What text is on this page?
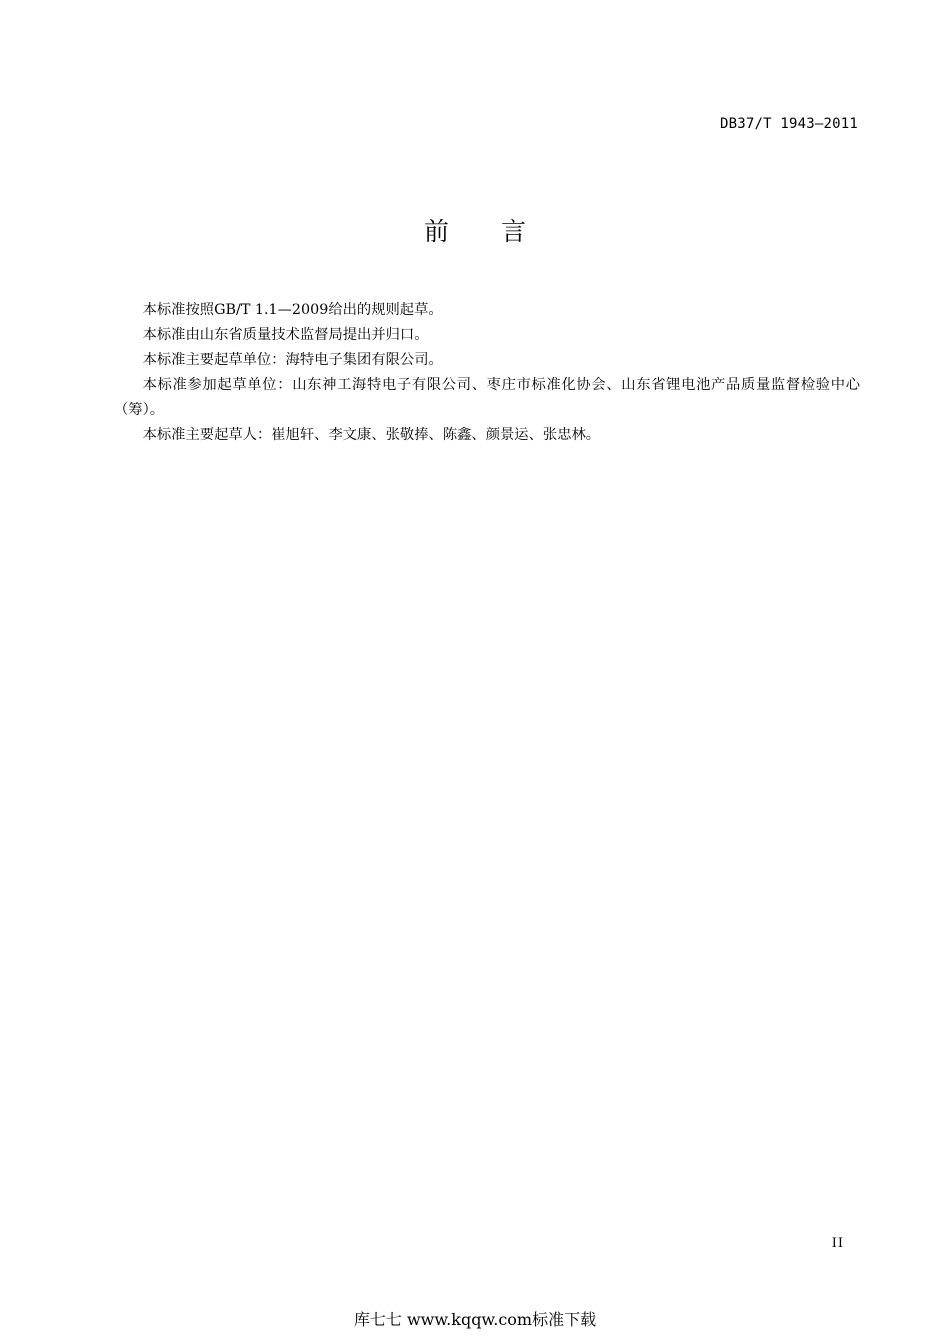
DB37/T 1943—2011
前言

本标准按照GB/T 1.1—2009给出的规则起草。

本标准由山东省质量技术监督局提出并归口。

本标准主要起草单位：海特电子集团有限公司。

本标准参加起草单位：山东神工海特电子有限公司、枣庄市标准化协会、山东省锂电池产品质量监督检验中心（筹）。

本标准主要起草人：崔旭轩、李文康、张敬捧、陈鑫、颜景运、张忠林。

II
库七七 www.kqqw.com标准下载
